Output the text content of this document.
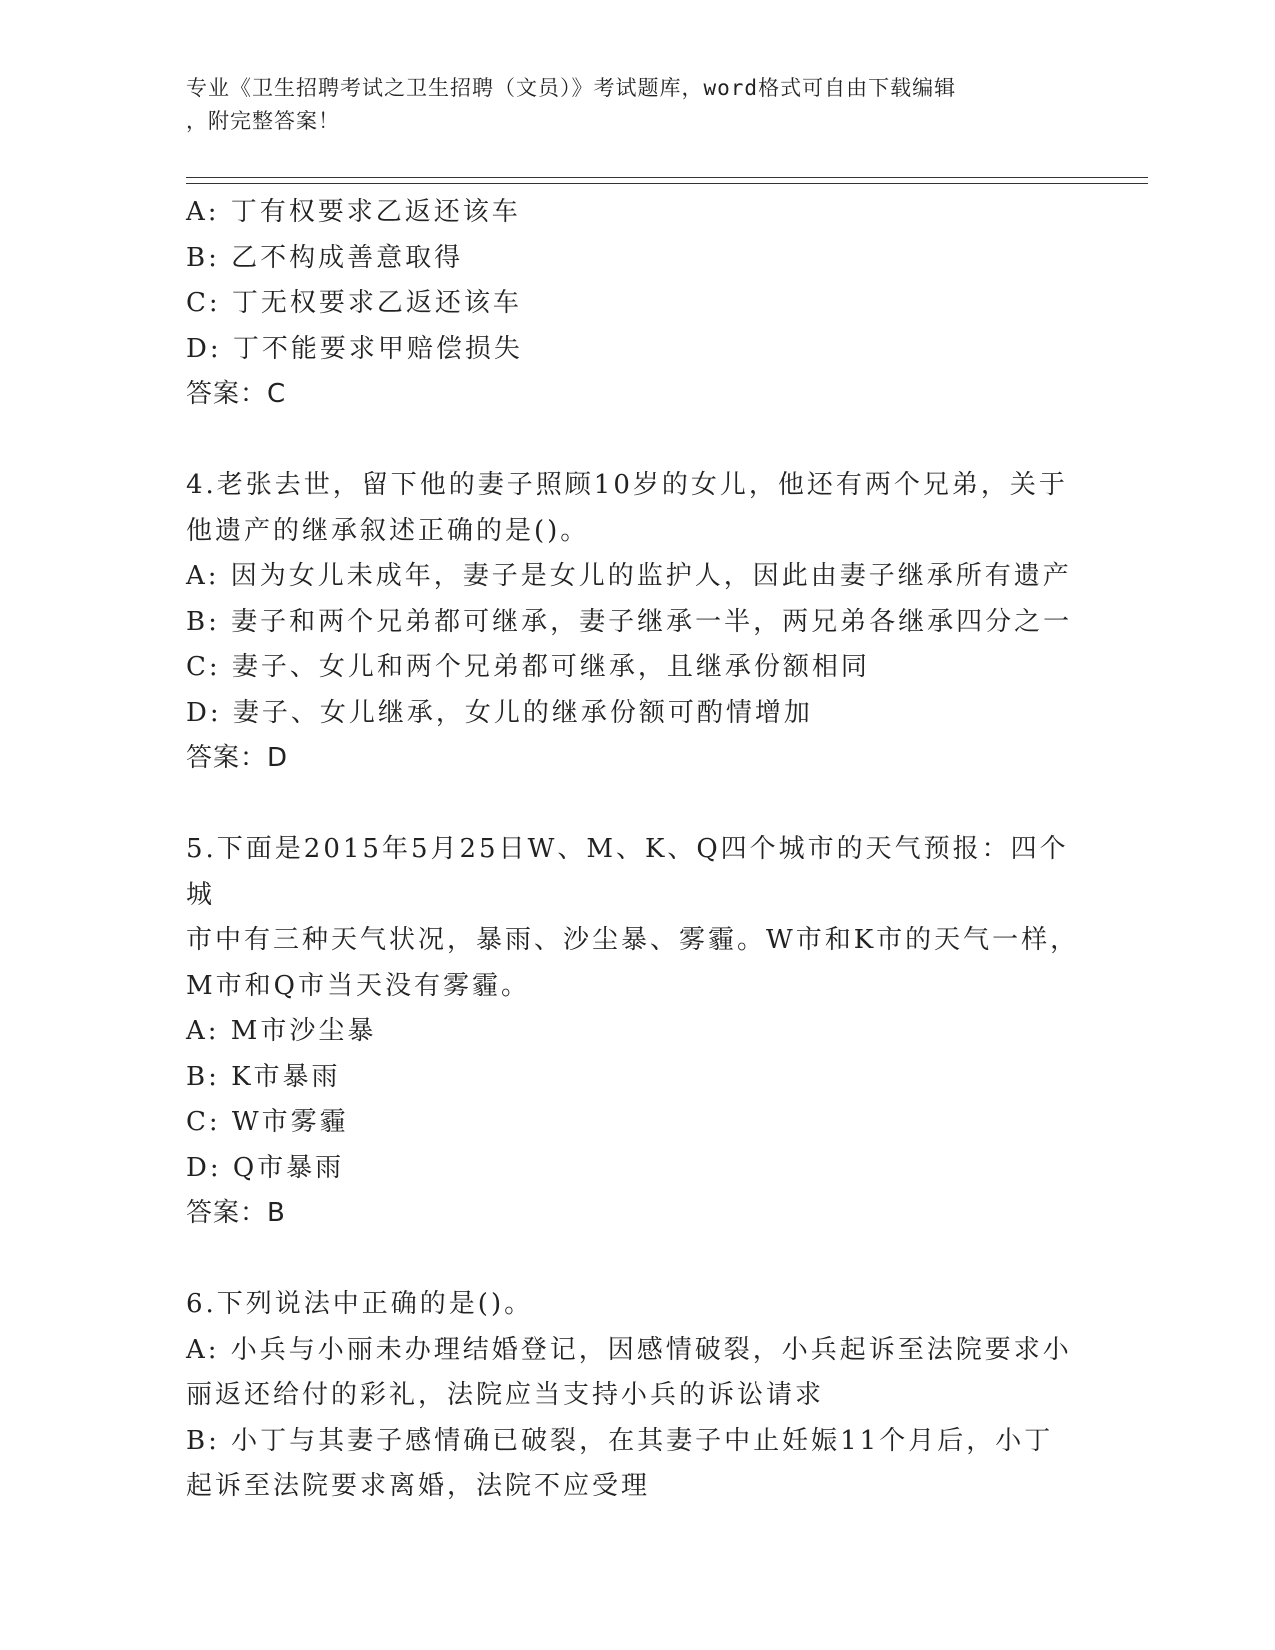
专业《卫生招聘考试之卫生招聘（文员）》考试题库，word格式可自由下载编辑
，附完整答案！

A: 丁有权要求乙返还该车

B: 乙不构成善意取得

C: 丁无权要求乙返还该车

D: 丁不能要求甲赔偿损失

答案：C

4.老张去世，留下他的妻子照顾10岁的女儿，他还有两个兄弟，关于

他遗产的继承叙述正确的是()。

A: 因为女儿未成年，妻子是女儿的监护人，因此由妻子继承所有遗产

B: 妻子和两个兄弟都可继承，妻子继承一半，两兄弟各继承四分之一

C: 妻子、女儿和两个兄弟都可继承，且继承份额相同

D: 妻子、女儿继承，女儿的继承份额可酌情增加

答案：D

5.下面是2015年5月25日W、M、K、Q四个城市的天气预报：四个城

市中有三种天气状况，暴雨、沙尘暴、雾霾。W市和K市的天气一样，

M市和Q市当天没有雾霾。

A: M市沙尘暴

B: K市暴雨

C: W市雾霾

D: Q市暴雨

答案：B

6.下列说法中正确的是()。

A: 小兵与小丽未办理结婚登记，因感情破裂，小兵起诉至法院要求小

丽返还给付的彩礼，法院应当支持小兵的诉讼请求

B: 小丁与其妻子感情确已破裂，在其妻子中止妊娠11个月后，小丁

起诉至法院要求离婚，法院不应受理
